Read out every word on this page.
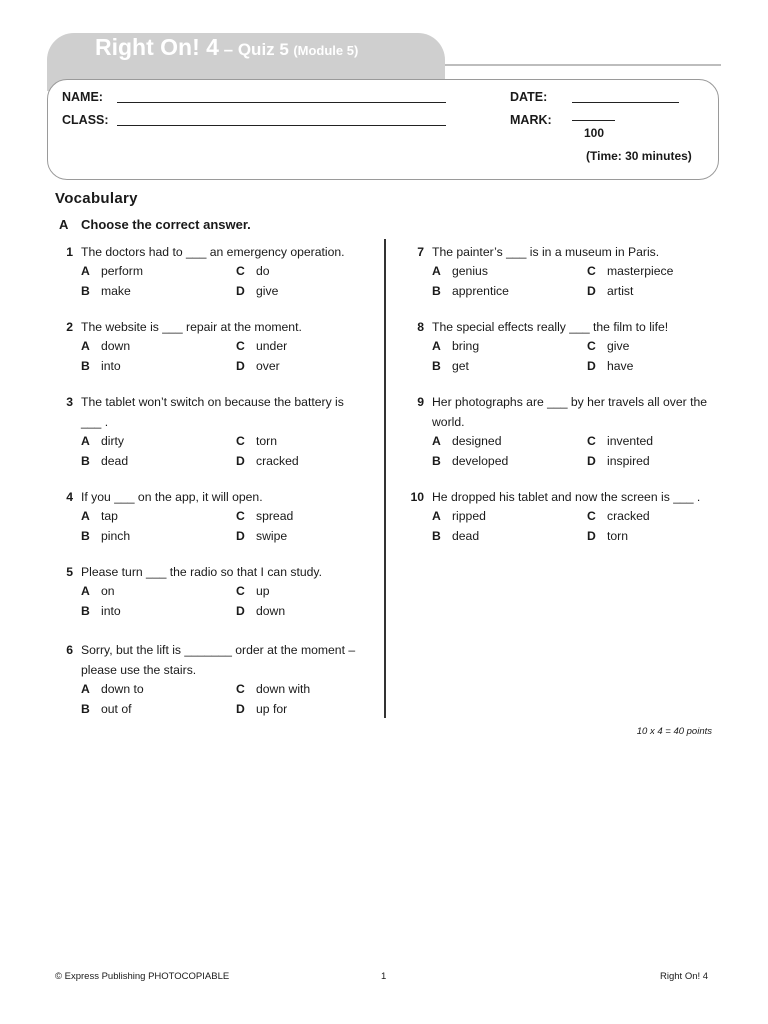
Right On! 4 – Quiz 5 (Module 5)
NAME:
CLASS:
DATE:
MARK:
100
(Time: 30 minutes)
Vocabulary
A Choose the correct answer.
1 The doctors had to ___ an emergency operation.
A perform	C do
B make	D give
2 The website is ___ repair at the moment.
A down	C under
B into	D over
3 The tablet won’t switch on because the battery is ___ .
A dirty	C torn
B dead	D cracked
4 If you ___ on the app, it will open.
A tap	C spread
B pinch	D swipe
5 Please turn ___ the radio so that I can study.
A on	C up
B into	D down
6 Sorry, but the lift is _______ order at the moment – please use the stairs.
A down to	C down with
B out of	D up for
7 The painter’s ___ is in a museum in Paris.
A genius	C masterpiece
B apprentice	D artist
8 The special effects really ___ the film to life!
A bring	C give
B get	D have
9 Her photographs are ___ by her travels all over the world.
A designed	C invented
B developed	D inspired
10 He dropped his tablet and now the screen is ___ .
A ripped	C cracked
B dead	D torn
10 x 4 = 40 points
© Express Publishing PHOTOCOPIABLE	1	Right On! 4
